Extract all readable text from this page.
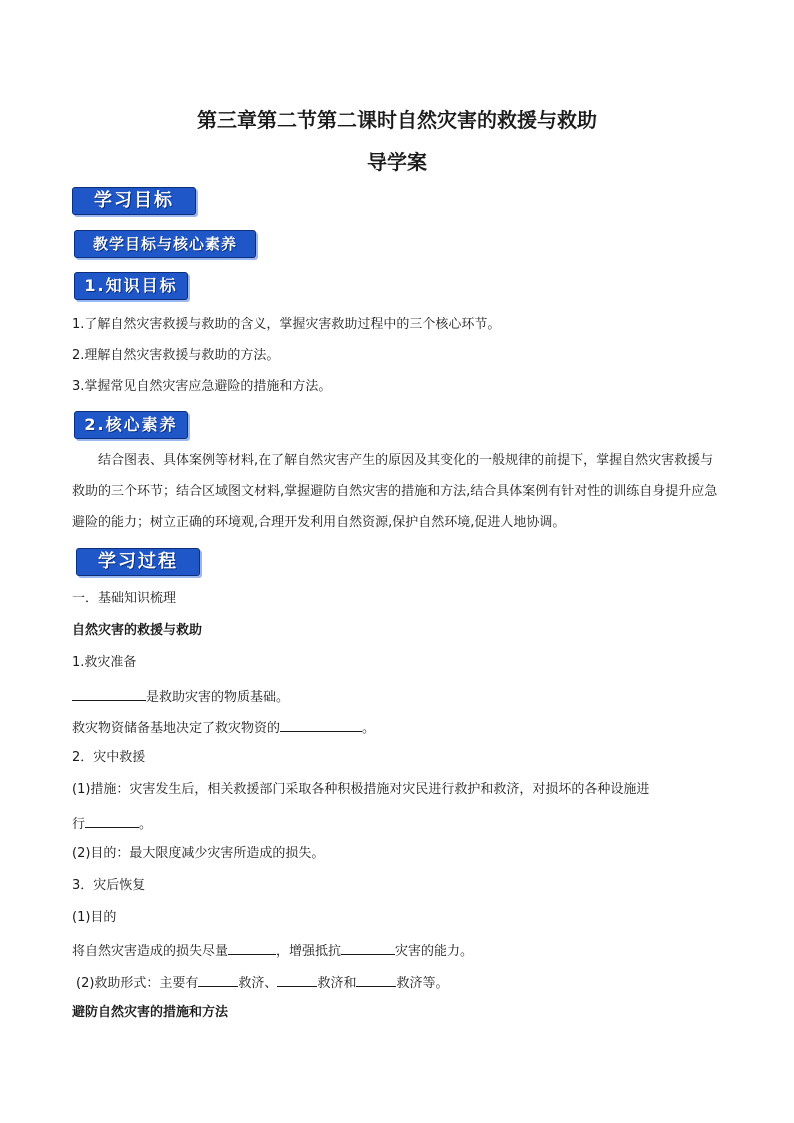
第三章第二节第二课时自然灾害的救援与救助
导学案
学习目标
教学目标与核心素养
1.知识目标
1.了解自然灾害救援与救助的含义，掌握灾害救助过程中的三个核心环节。
2.理解自然灾害救援与救助的方法。
3.掌握常见自然灾害应急避险的措施和方法。
2.核心素养
结合图表、具体案例等材料,在了解自然灾害产生的原因及其变化的一般规律的前提下，掌握自然灾害救援与救助的三个环节；结合区域图文材料,掌握避防自然灾害的措施和方法,结合具体案例有针对性的训练自身提升应急避险的能力；树立正确的环境观,合理开发利用自然资源,保护自然环境,促进人地协调。
学习过程
一．基础知识梳理
自然灾害的救援与救助
1.救灾准备
是救助灾害的物质基础。
救灾物资储备基地决定了救灾物资的	。
2．灾中救援
(1)措施：灾害发生后，相关救援部门采取各种积极措施对灾民进行救护和救济，对损坏的各种设施进
行	。
(2)目的：最大限度减少灾害所造成的损失。
3．灾后恢复
(1)目的
将自然灾害造成的损失尽量	，增强抵抗	灾害的能力。
(2)救助形式：主要有	救济、	救济和	救济等。
避防自然灾害的措施和方法
